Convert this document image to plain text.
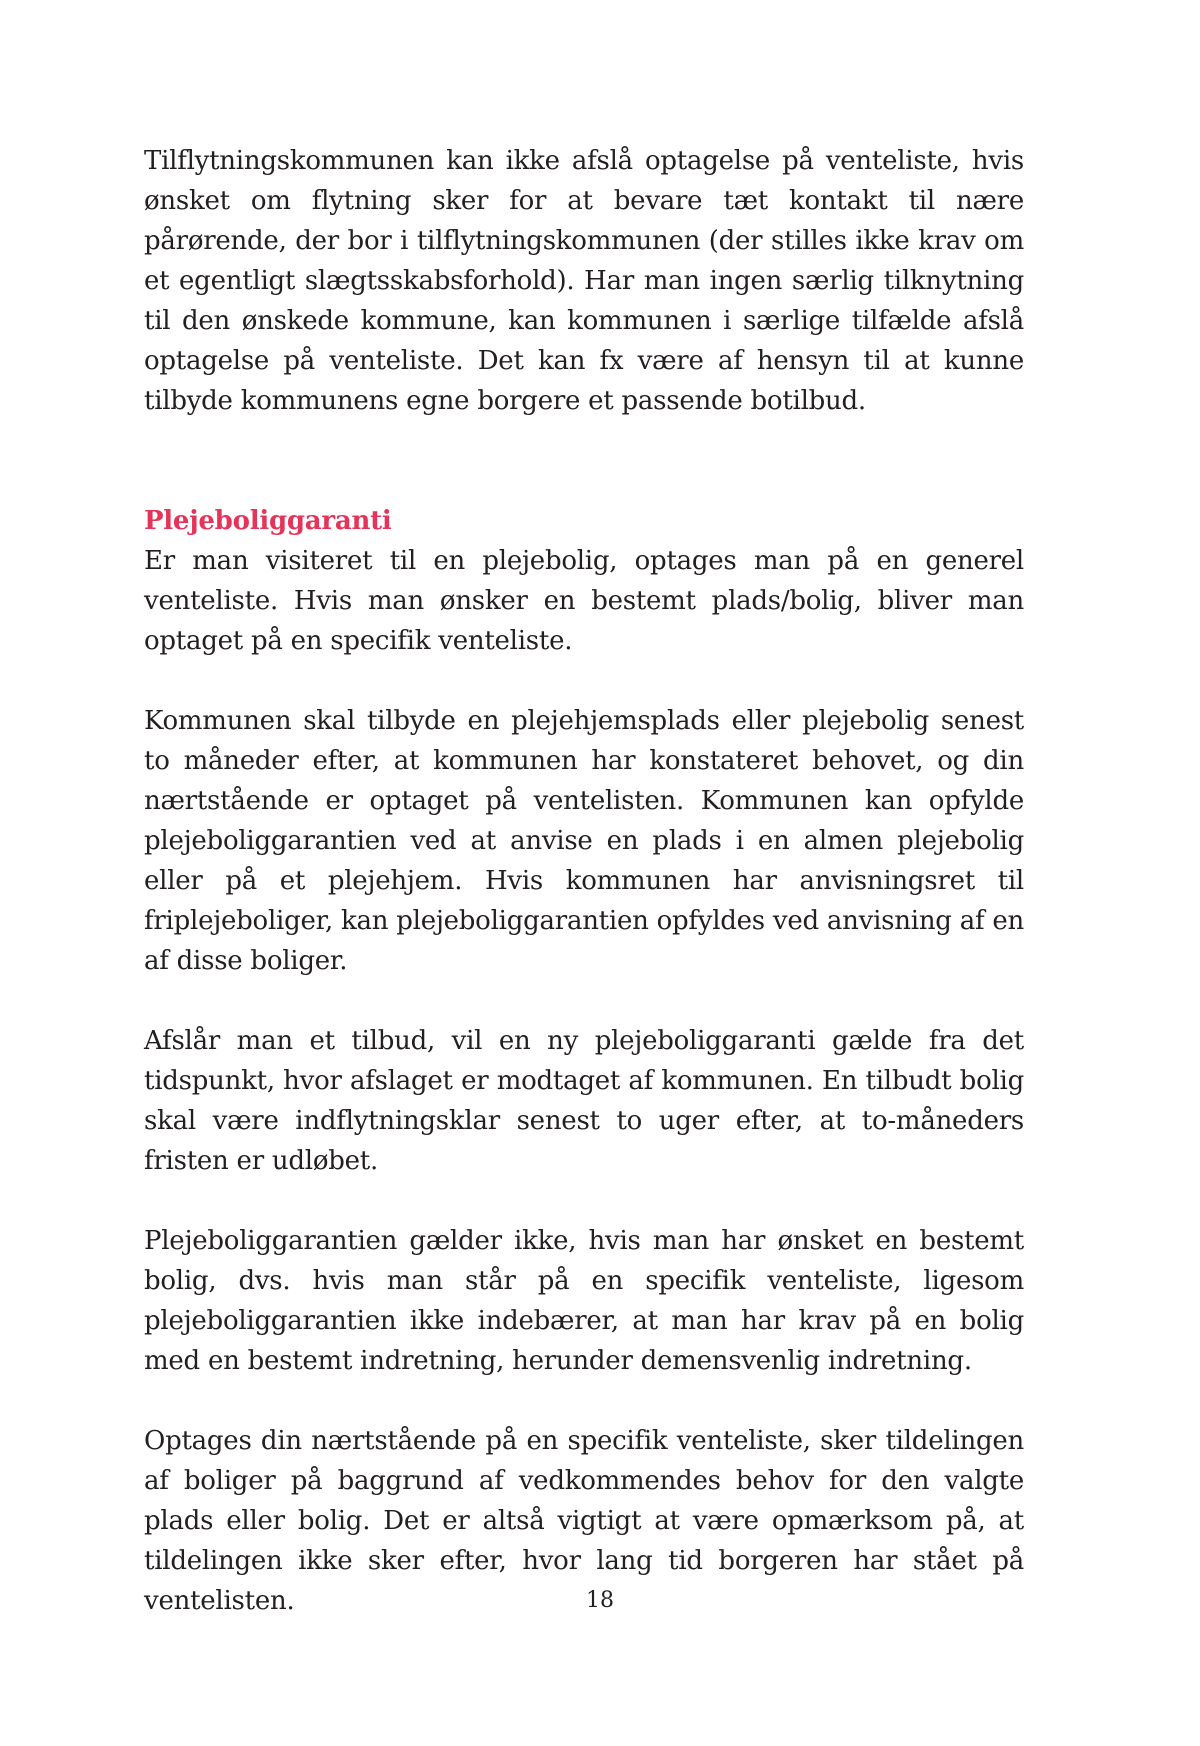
Tilflytningskommunen kan ikke afslå optagelse på venteliste, hvis ønsket om flytning sker for at bevare tæt kontakt til nære pårørende, der bor i tilflytningskommunen (der stilles ikke krav om et egentligt slægtsskabsforhold). Har man ingen særlig tilknytning til den ønskede kommune, kan kommunen i særlige tilfælde afslå optagelse på venteliste. Det kan fx være af hensyn til at kunne tilbyde kommunens egne borgere et passende botilbud.

Plejeboliggaranti

Er man visiteret til en plejebolig, optages man på en generel venteliste. Hvis man ønsker en bestemt plads/bolig, bliver man optaget på en specifik venteliste.

Kommunen skal tilbyde en plejehjemsplads eller plejebolig senest to måneder efter, at kommunen har konstateret behovet, og din nærtstående er optaget på ventelisten. Kommunen kan opfylde plejeboliggarantien ved at anvise en plads i en almen plejebolig eller på et plejehjem. Hvis kommunen har anvisningsret til friplejeboliger, kan plejeboliggarantien opfyldes ved anvisning af en af disse boliger.

Afslår man et tilbud, vil en ny plejeboliggaranti gælde fra det tidspunkt, hvor afslaget er modtaget af kommunen. En tilbudt bolig skal være indflytningsklar senest to uger efter, at to-måneders fristen er udløbet.

Plejeboliggarantien gælder ikke, hvis man har ønsket en bestemt bolig, dvs. hvis man står på en specifik venteliste, ligesom plejeboliggarantien ikke indebærer, at man har krav på en bolig med en bestemt indretning, herunder demensvenlig indretning.

Optages din nærtstående på en specifik venteliste, sker tildelingen af boliger på baggrund af vedkommendes behov for den valgte plads eller bolig. Det er altså vigtigt at være opmærksom på, at tildelingen ikke sker efter, hvor lang tid borgeren har stået på ventelisten.	18
